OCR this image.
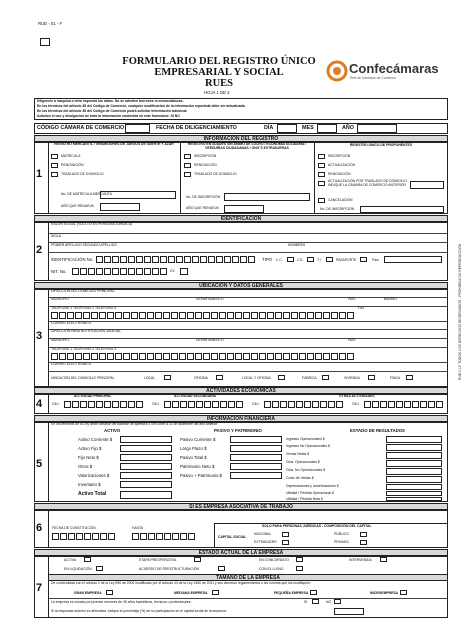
RUE - 01 - F
FORMULARIO DEL REGISTRO ÚNICO
EMPRESARIAL Y SOCIAL
RUES
HOJA 1 DE 2
Confecámaras
Red de Cámaras de Comercio
Diligencie a máquina o letra imprenta los datos. No se admiten borrones ni enmendaduras.
En los términos del artículo 38 del Código de Comercio, cualquier modificación de la información reportada debe ser actualizada.
En los términos del artículo 36 del Código de Comercio podrá solicitar información adicional.
Autorizo el uso y divulgación de toda la información contenida en este formulario: SI NO
CÓDIGO CÁMARA DE COMERCIO	FECHA DE DILIGENCIAMIENTO	DÍA	MES	AÑO
INFORMACIÓN DEL REGISTRO
1
REGISTRO MERCANTIL / VENDEDORES DE JUEGOS DE SUERTE Y AZAR	REGISTRO ENTIDADES SIN ÁNIMO DE LUCRO / ECONOMÍA SOLIDARIA / VEEDURÍAS CIUDADANAS / ONG´S EXTRANJERAS
REGISTRO ÚNICO DE PROPONENTES
MATRÍCULA
RENOVACIÓN
TRASLADO DE DOMICILIO
No. DE MATRÍCULA MERCANTIL
AÑO QUE RENUEVA
INSCRIPCIÓN
RENOVACIÓN
TRASLADO DE DOMICILIO
No. DE INSCRIPCIÓN
AÑO QUE RENUEVA
INSCRIPCIÓN
ACTUALIZACIÓN
RENOVACIÓN
ACTUALIZACIÓN POR TRASLADO DE DOMICILIO. INDIQUE LA CÁMARA DE COMERCIO ANTERIOR
CANCELACIÓN
No. DE INSCRIPCIÓN
IDENTIFICACIÓN
2
RAZÓN SOCIAL (SOLO SI ES PERSONA JURÍDICA)
SIGLA
PRIMER APELLIDO SEGUNDO APELLIDO	NOMBRES
IDENTIFICACIÓN No.	TIPO C.C.	C.E.	T.I.	PASAPORTE	País
NIT. No.	DV
UBICACIÓN Y DATOS GENERALES
3
DIRECCIÓN DEL DOMICILIO PRINCIPAL
MUNICIPIO	DEPARTAMENTO	PAÍS	BARRIO
TELÉFONO 1 TELÉFONO 2 TELÉFONO 3	FAX
CORREO ELECTRÓNICO
DIRECCIÓN PARA NOTIFICACIÓN JUDICIAL
MUNICIPIO	DEPARTAMENTO	PAÍS
TELÉFONO 1 TELÉFONO 2 TELÉFONO 3
CORREO ELECTRÓNICO
UBICACIÓN DEL DOMICILIO PRINCIPAL	LOCAL	OFICINA	LOCAL Y OFICINA	FÁBRICA	VIVIENDA	FINCA
ACTIVIDADES ECONÓMICAS
4
ACTIVIDAD PRINCIPAL	ACTIVIDAD SECUNDARIA	OTRAS ACTIVIDADES
CIIU	CIIU	CIIU	CIIU
INFORMACIÓN FINANCIERA
5
En los términos de la Ley debe tomarse del balance de apertura o con corte a 31 de diciembre del año anterior.
ACTIVO	PASIVO Y PATRIMONIO	ESTADO DE RESULTADOS
Activo Corriente $
Activo Fijo $
Fijo Neto $
Otros $
Valorizaciones $
Inventario $
Activo Total
Pasivo Corriente $
Largo Plazo $
Pasivo Total $
Patrimonio Neto $
Pasivo + Patrimonio $
Ingresos Operacionales $
Ingresos No Operacionales $
Ventas Netas $
Gtos. Operacionales $
Gtos. No Operacionales $
Costo de Ventas $
Depreciaciones y amortizaciones $
Utilidad / Pérdida Operacional $
Utilidad / Pérdida Neta $
SI ES EMPRESA ASOCIATIVA DE TRABAJO
6	FECHA DE CONSTITUCIÓN	HASTA	SOLO PARA PERSONAS JURÍDICAS - COMPOSICIÓN DEL CAPITAL
CAPITAL SOCIAL
NACIONAL
EXTRANJERO
PÚBLICO
PRIVADO
ESTADO ACTUAL DE LA EMPRESA
7
ACTIVA	ETAPA PREOPERATIVA	EN CONCORDATO	INTERVENIDA
EN LIQUIDACIÓN	ACUERDO DE REESTRUCTURACIÓN	CON EL LLENO
TAMAÑO DE LA EMPRESA
De conformidad con el artículo 2 de la Ley 590 de 2000 modificado por el artículo 43 de la Ley 1450 de 2011 y sus decretos reglamentarios o las normas que los modifiquen.
GRAN EMPRESA	MEDIANA EMPRESA	PEQUEÑA EMPRESA	MICROEMPRESA
La empresa es creada por jóvenes menores de 28 años bachilleres, técnicos o profesionales:	SI	NO
Si la respuesta anterior es afirmativa, indique el porcentaje (%) de su participación en el capital social de la empresa:
RUE-01-F TODOS LOS DERECHOS RESERVADOS - PROHIBIDA SU REPRODUCCIÓN
